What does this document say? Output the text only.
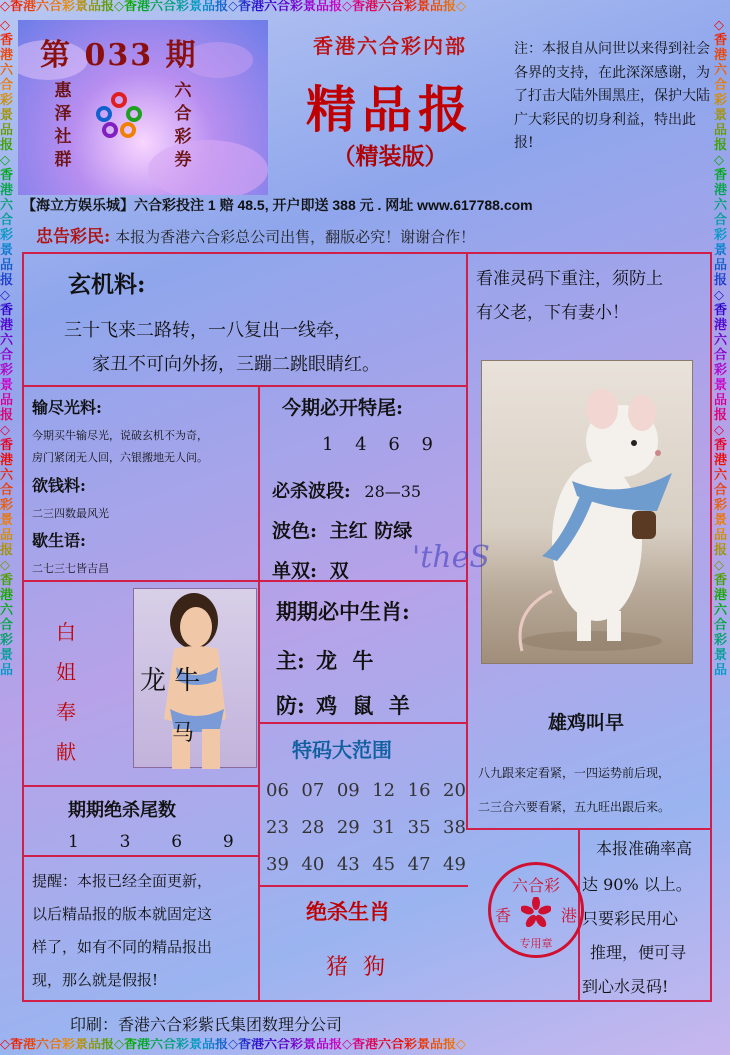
◇香港六合彩景品报◇香港六合彩景品报◇香港六合彩景品报◇香港六合彩景品报◇
◇香港六合彩景品报◇香港六合彩景品报◇香港六合彩景品报◇香港六合彩景品报◇
◇香港六合彩景品报◇香港六合彩景品报◇香港六合彩景品报◇香港六合彩景品报◇香港六合彩景品
◇香港六合彩景品报◇香港六合彩景品报◇香港六合彩景品报◇香港六合彩景品报◇香港六合彩景品
第 033 期
惠
泽
社
群
六
合
彩
券
香港六合彩内部
精品报
（精装版）
注：本报自从问世以来得到社会各界的支持，在此深深感谢，为了打击大陆外围黑庄，保护大陆广大彩民的切身利益，特出此报!
【海立方娱乐城】六合彩投注 1 赔 48.5, 开户即送 388 元 . 网址 www.617788.com
忠告彩民: 本报为香港六合彩总公司出售，翻版必究！谢谢合作！
玄机料:
三十飞来二路转，一八复出一线牵，
家丑不可向外扬，三蹦二跳眼睛红。
看准灵码下重注，须防上
有父老，下有妻小！
输尽光料:
今期买牛输尽光，说破玄机不为奇，
房门紧闭无人回，六银搬地无人问。
欲钱料:
二三四数最风光
歇生语:
二七三七皆吉昌
今期必开特尾:
1 4 6 9
必杀波段: 28—35
波色: 主红 防绿
单双: 双 'theS
白
姐
奉
献
龙 牛
马
期期必中生肖:
主: 龙 牛
防: 鸡 鼠 羊
雄鸡叫早
八九跟来定看紧，一四运势前后现，
二三合六要看紧，五九旺出跟后来。
期期绝杀尾数
1  3  6  9
特码大范围
06 07 09 12 16 20
23 28 29 31 35 38
39 40 43 45 47 49
六合彩
香	港
专用章
本报准确率高
达 90% 以上。
只要彩民用心
推理，便可寻
到心水灵码!
提醒：本报已经全面更新，
以后精品报的版本就固定这
样了，如有不同的精品报出
现，那么就是假报!
绝杀生肖
猪 狗
印刷：香港六合彩紫氏集团数理分公司
